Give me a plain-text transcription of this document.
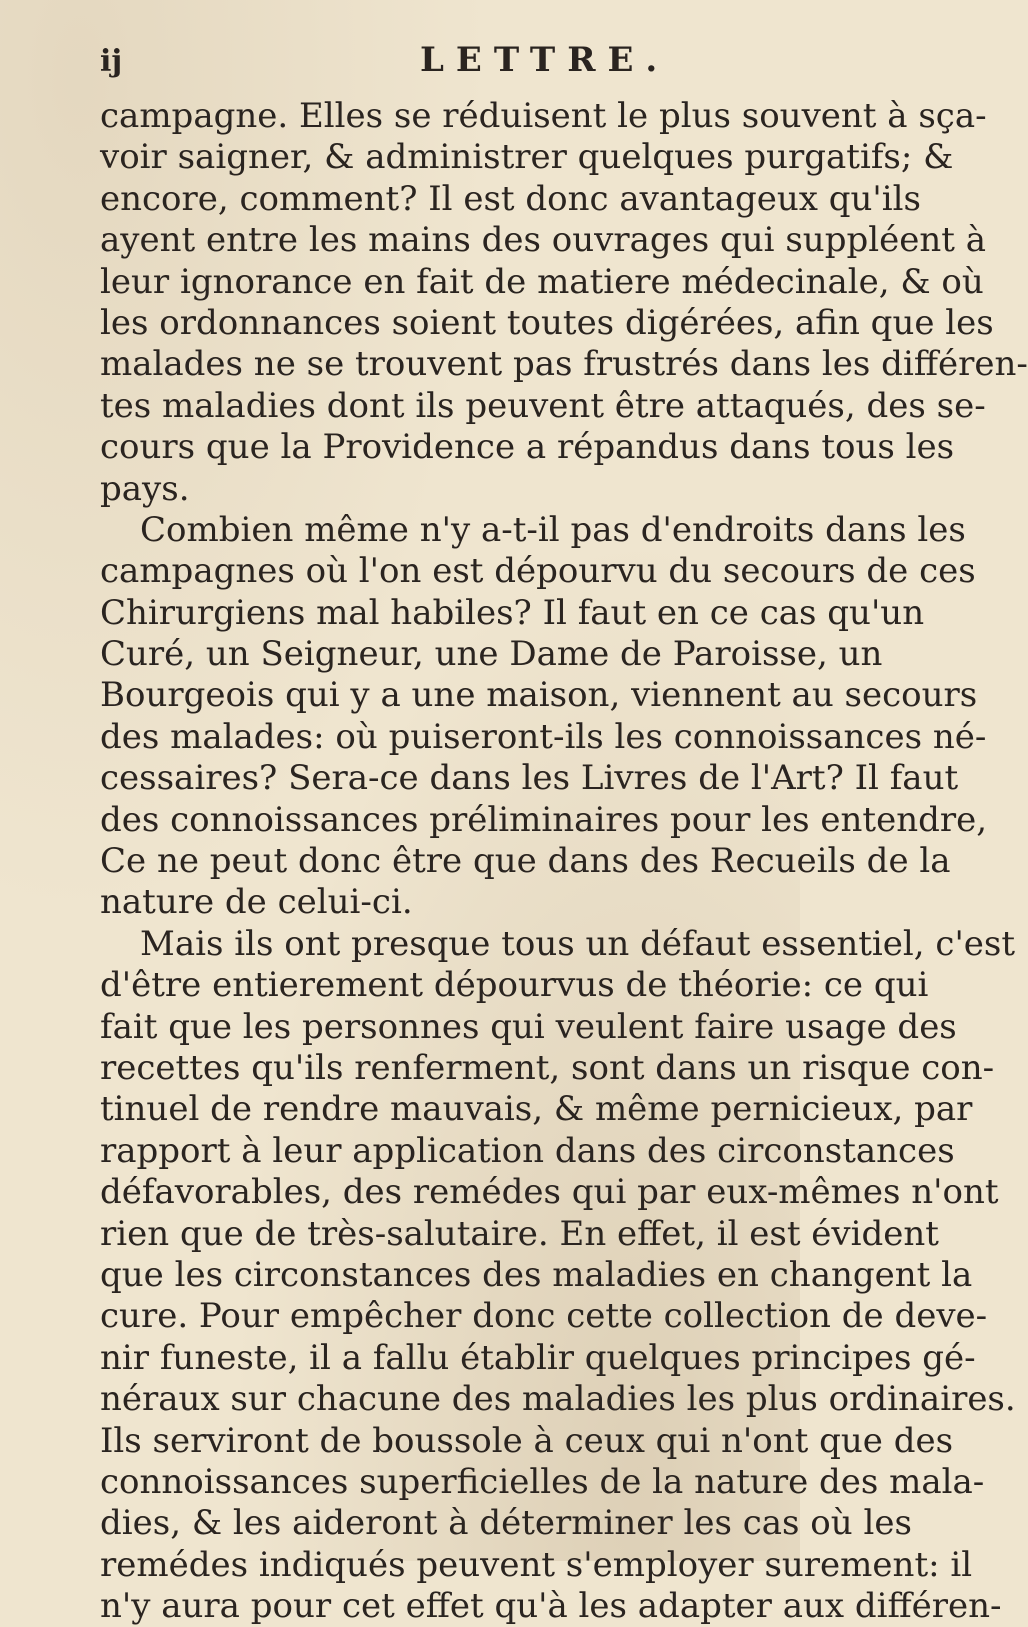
ij	LETTRE.
campagne. Elles se réduisent le plus souvent à sça-
voir saigner, & administrer quelques purgatifs; &
encore, comment? Il est donc avantageux qu'ils
ayent entre les mains des ouvrages qui suppléent à
leur ignorance en fait de matiere médecinale, & où
les ordonnances soient toutes digérées, afin que les
malades ne se trouvent pas frustrés dans les différen-
tes maladies dont ils peuvent être attaqués, des se-
cours que la Providence a répandus dans tous les
pays.
Combien même n'y a-t-il pas d'endroits dans les
campagnes où l'on est dépourvu du secours de ces
Chirurgiens mal habiles? Il faut en ce cas qu'un
Curé, un Seigneur, une Dame de Paroisse, un
Bourgeois qui y a une maison, viennent au secours
des malades: où puiseront-ils les connoissances né-
cessaires? Sera-ce dans les Livres de l'Art? Il faut
des connoissances préliminaires pour les entendre,
Ce ne peut donc être que dans des Recueils de la
nature de celui-ci.
Mais ils ont presque tous un défaut essentiel, c'est
d'être entierement dépourvus de théorie: ce qui
fait que les personnes qui veulent faire usage des
recettes qu'ils renferment, sont dans un risque con-
tinuel de rendre mauvais, & même pernicieux, par
rapport à leur application dans des circonstances
défavorables, des remédes qui par eux-mêmes n'ont
rien que de très-salutaire. En effet, il est évident
que les circonstances des maladies en changent la
cure. Pour empêcher donc cette collection de deve-
nir funeste, il a fallu établir quelques principes gé-
néraux sur chacune des maladies les plus ordinaires.
Ils serviront de boussole à ceux qui n'ont que des
connoissances superficielles de la nature des mala-
dies, & les aideront à déterminer les cas où les
remédes indiqués peuvent s'employer surement: il
n'y aura pour cet effet qu'à les adapter aux différen-
